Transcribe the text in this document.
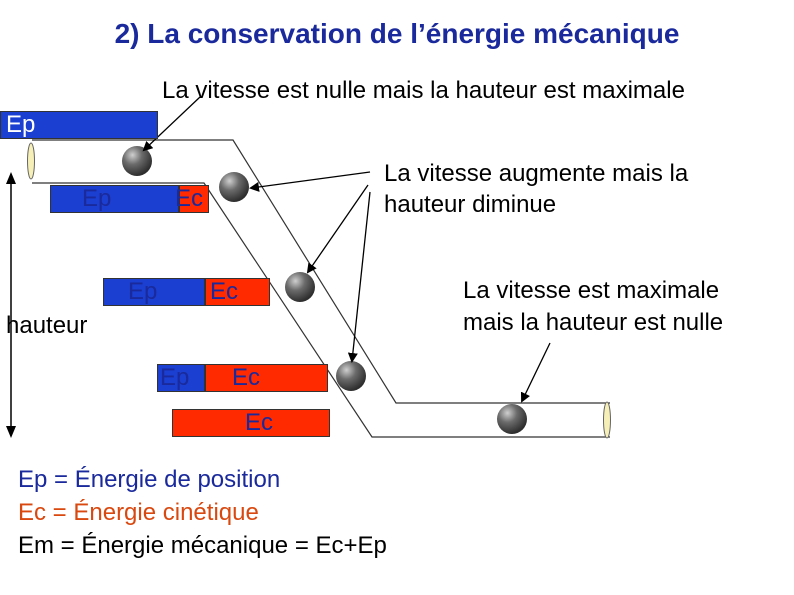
2) La conservation de l’énergie mécanique
La vitesse est nulle mais la hauteur est maximale
La vitesse augmente mais la
hauteur diminue
La vitesse est maximale
mais la hauteur est nulle
hauteur
Ep
Ep	Ec
Ep Ec
Ep Ec
Ec
Ep = Énergie de position
Ec = Énergie cinétique
Em = Énergie mécanique = Ec+Ep
